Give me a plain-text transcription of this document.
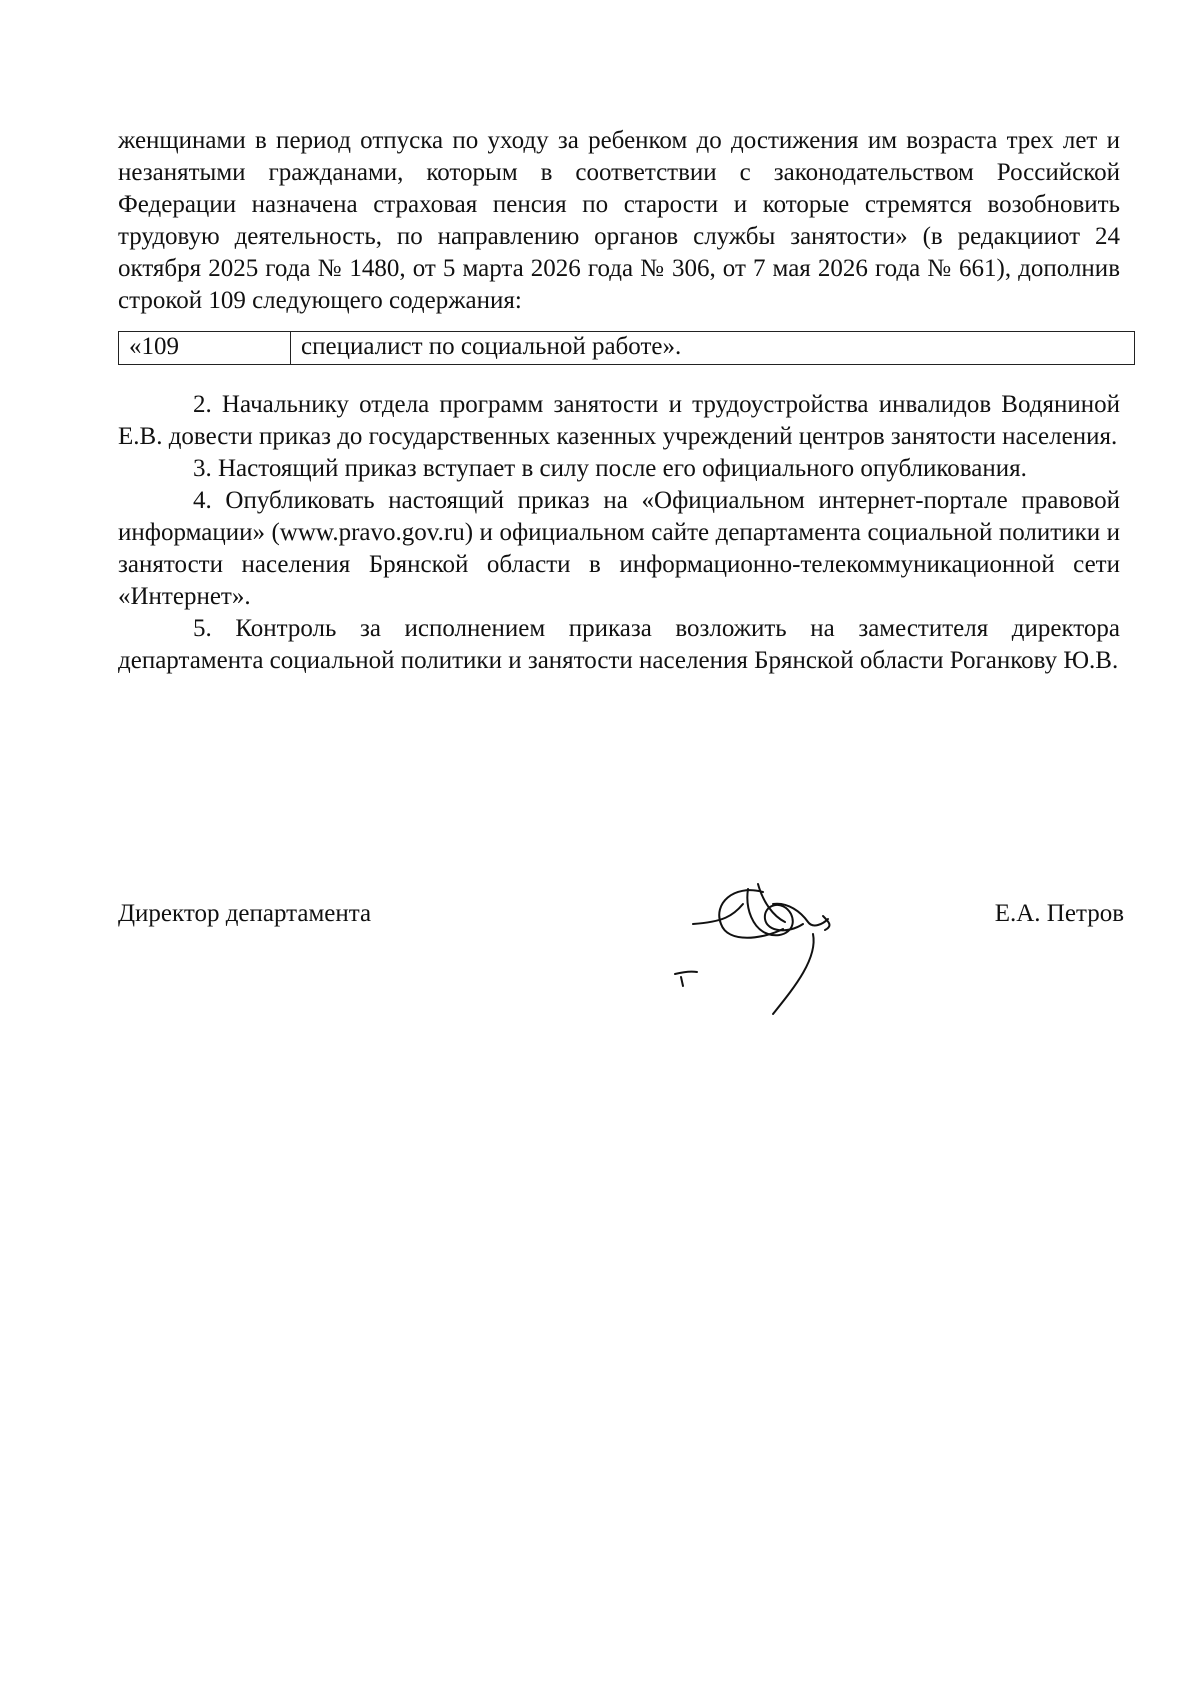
женщинами в период отпуска по уходу за ребенком до достижения им возраста трех лет и незанятыми гражданами, которым в соответствии с законодательством Российской Федерации назначена страховая пенсия по старости и которые стремятся возобновить трудовую деятельность, по направлению органов службы занятости» (в редакцииот 24 октября 2025 года № 1480, от 5 марта 2026 года № 306, от 7 мая 2026 года № 661), дополнив строкой 109 следующего содержания:

«109	специалист по социальной работе».

2. Начальнику отдела программ занятости и трудоустройства инвалидов Водяниной Е.В. довести приказ до государственных казенных учреждений центров занятости населения.

3. Настоящий приказ вступает в силу после его официального опубликования.

4. Опубликовать настоящий приказ на «Официальном интернет-портале правовой информации» (www.pravo.gov.ru) и официальном сайте департамента социальной политики и занятости населения Брянской области в информационно-телекоммуникационной сети «Интернет».

5. Контроль за исполнением приказа возложить на заместителя директора департамента социальной политики и занятости населения Брянской области Роганкову Ю.В.

Директор департамента	Е.А. Петров
